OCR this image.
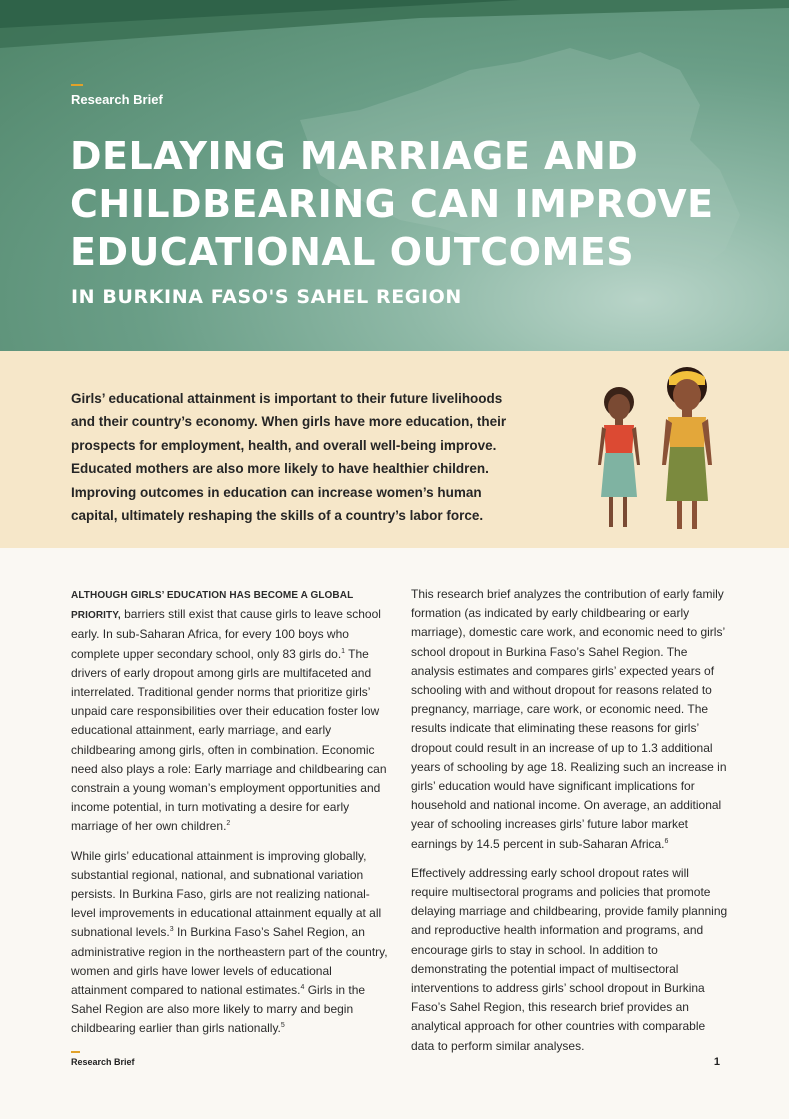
Research Brief
DELAYING MARRIAGE AND CHILDBEARING CAN IMPROVE EDUCATIONAL OUTCOMES
IN BURKINA FASO'S SAHEL REGION

Girls’ educational attainment is important to their future livelihoods and their country’s economy. When girls have more education, their prospects for employment, health, and overall well-being improve. Educated mothers are also more likely to have healthier children. Improving outcomes in education can increase women’s human capital, ultimately reshaping the skills of a country’s labor force.

ALTHOUGH GIRLS’ EDUCATION HAS BECOME A GLOBAL PRIORITY, barriers still exist that cause girls to leave school early. In sub-Saharan Africa, for every 100 boys who complete upper secondary school, only 83 girls do.$^1$ The drivers of early dropout among girls are multifaceted and interrelated. Traditional gender norms that prioritize girls’ unpaid care responsibilities over their education foster low educational attainment, early marriage, and early childbearing among girls, often in combination. Economic need also plays a role: Early marriage and childbearing can constrain a young woman’s employment opportunities and income potential, in turn motivating a desire for early marriage of her own children.$^2$

While girls’ educational attainment is improving globally, substantial regional, national, and subnational variation persists. In Burkina Faso, girls are not realizing national-level improvements in educational attainment equally at all subnational levels.$^3$ In Burkina Faso’s Sahel Region, an administrative region in the northeastern part of the country, women and girls have lower levels of educational attainment compared to national estimates.$^4$ Girls in the Sahel Region are also more likely to marry and begin childbearing earlier than girls nationally.$^5$

This research brief analyzes the contribution of early family formation (as indicated by early childbearing or early marriage), domestic care work, and economic need to girls’ school dropout in Burkina Faso’s Sahel Region. The analysis estimates and compares girls’ expected years of schooling with and without dropout for reasons related to pregnancy, marriage, care work, or economic need. The results indicate that eliminating these reasons for girls’ dropout could result in an increase of up to 1.3 additional years of schooling by age 18. Realizing such an increase in girls’ education would have significant implications for household and national income. On average, an additional year of schooling increases girls’ future labor market earnings by 14.5 percent in sub-Saharan Africa.$^6$

Effectively addressing early school dropout rates will require multisectoral programs and policies that promote delaying marriage and childbearing, provide family planning and reproductive health information and programs, and encourage girls to stay in school. In addition to demonstrating the potential impact of multisectoral interventions to address girls’ school dropout in Burkina Faso’s Sahel Region, this research brief provides an analytical approach for other countries with comparable data to perform similar analyses.

Research Brief	1
